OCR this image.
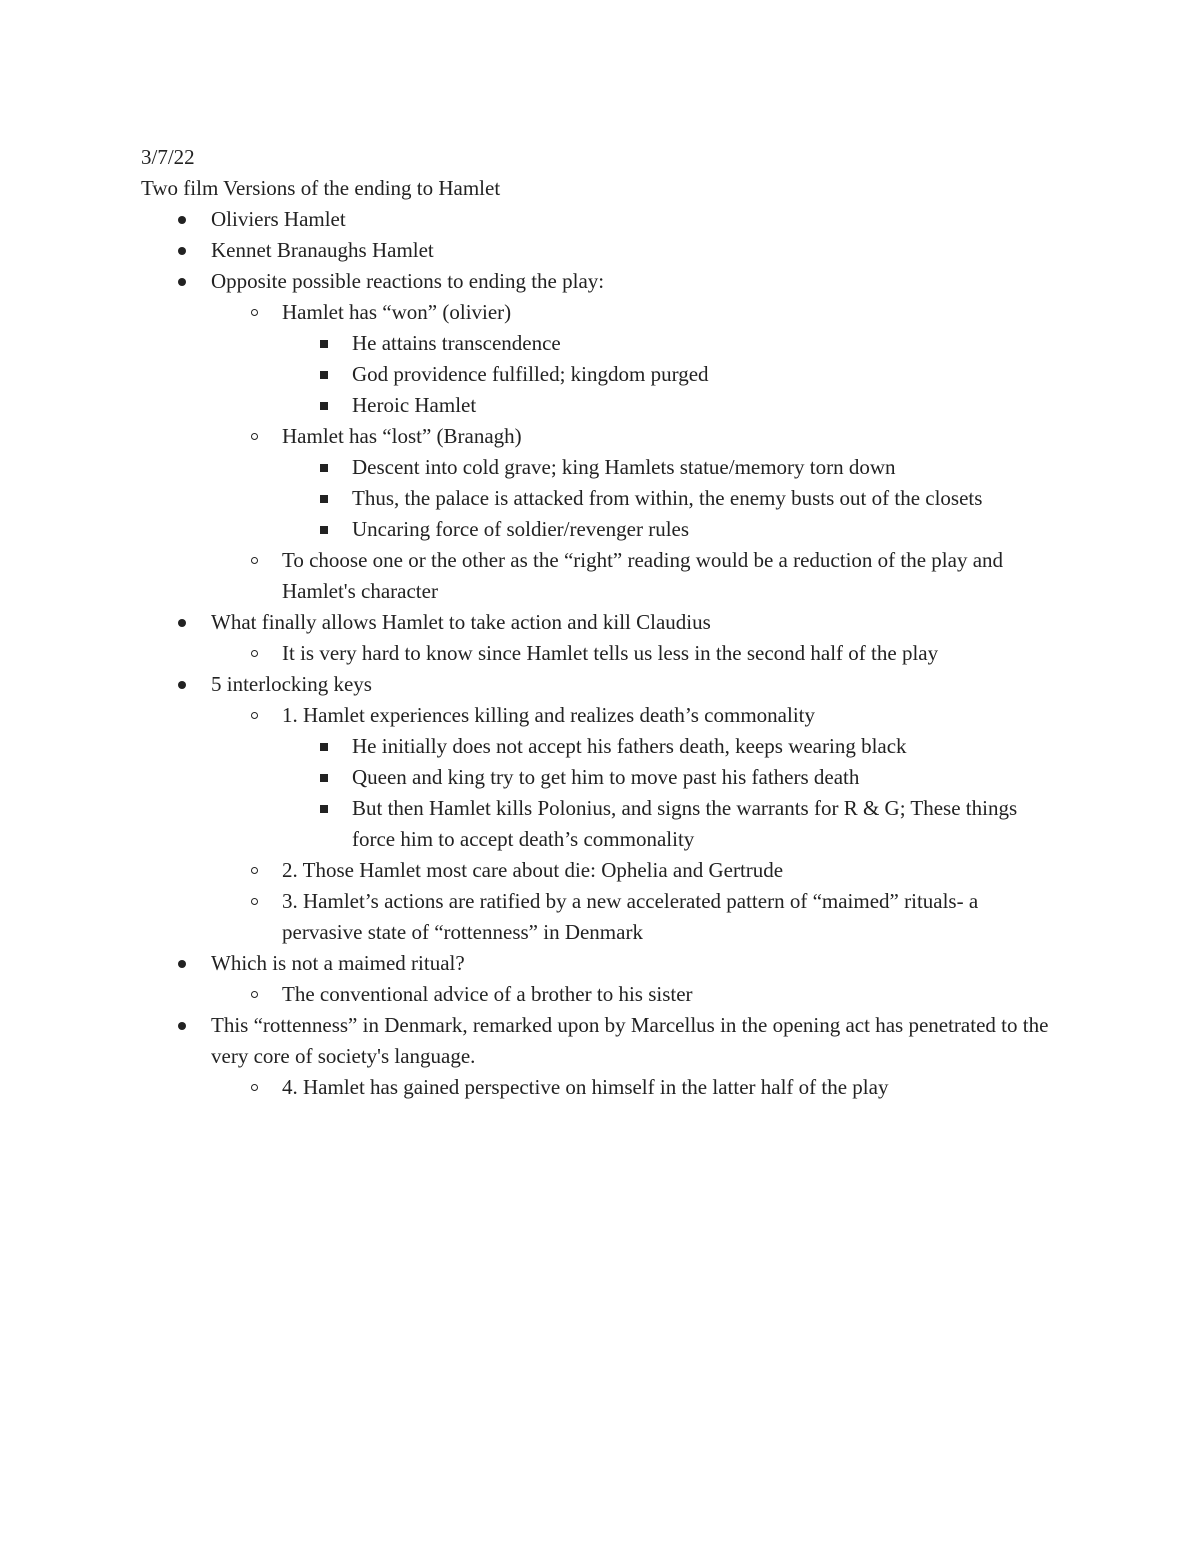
3/7/22
Two film Versions of the ending to Hamlet
Oliviers Hamlet
Kennet Branaughs Hamlet
Opposite possible reactions to ending the play:
Hamlet has “won” (olivier)
He attains transcendence
God providence fulfilled; kingdom purged
Heroic Hamlet
Hamlet has “lost” (Branagh)
Descent into cold grave; king Hamlets statue/memory torn down
Thus, the palace is attacked from within, the enemy busts out of the closets
Uncaring force of soldier/revenger rules
To choose one or the other as the “right” reading would be a reduction of the play and Hamlet's character
What finally allows Hamlet to take action and kill Claudius
It is very hard to know since Hamlet tells us less in the second half of the play
5 interlocking keys
1. Hamlet experiences killing and realizes death’s commonality
He initially does not accept his fathers death, keeps wearing black
Queen and king try to get him to move past his fathers death
But then Hamlet kills Polonius, and signs the warrants for R & G; These things force him to accept death’s commonality
2. Those Hamlet most care about die: Ophelia and Gertrude
3. Hamlet’s actions are ratified by a new accelerated pattern of “maimed” rituals- a pervasive state of “rottenness” in Denmark
Which is not a maimed ritual?
The conventional advice of a brother to his sister
This “rottenness” in Denmark, remarked upon by Marcellus in the opening act has penetrated to the very core of society's language.
4. Hamlet has gained perspective on himself in the latter half of the play
